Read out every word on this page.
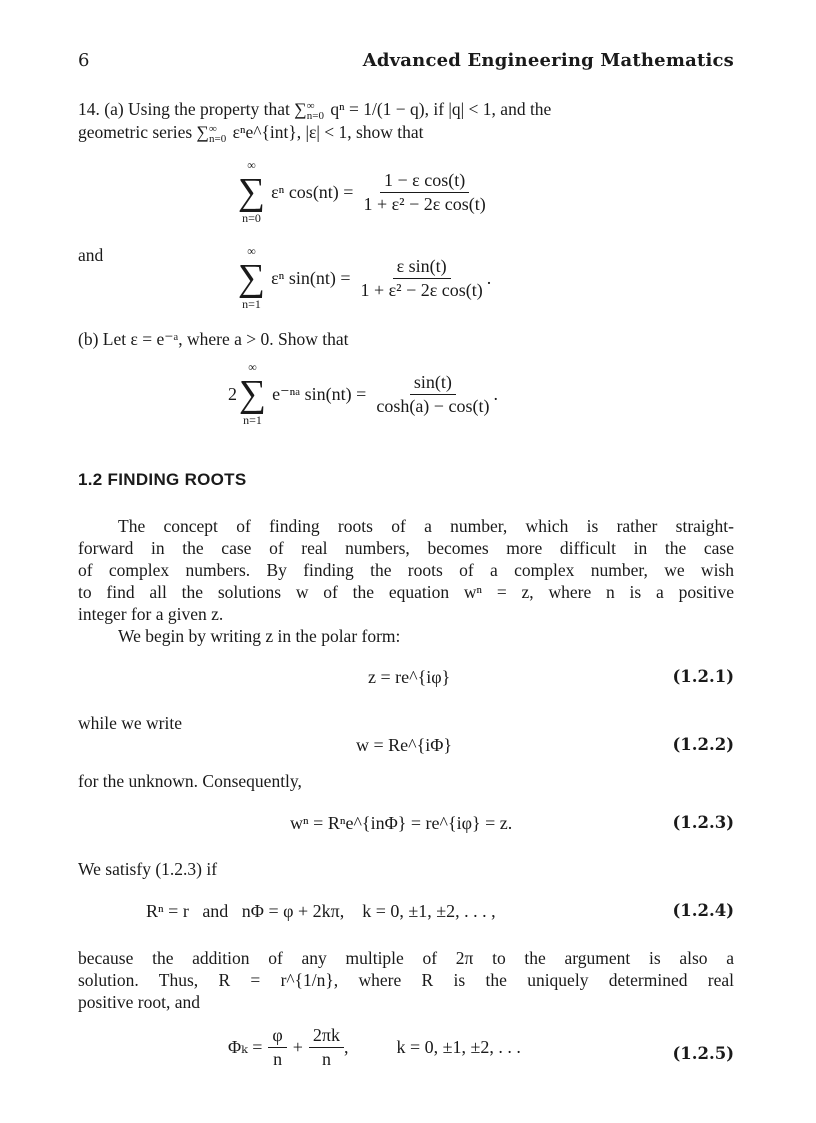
6	Advanced Engineering Mathematics
14. (a) Using the property that ∑ ∞
n=0 qⁿ = 1/(1 − q), if |q| < 1, and the
geometric series ∑ ∞
n=0 εⁿe^{int}, |ε| < 1, show that
∞
∑
n=0
εⁿ $\cos(nt) = \frac{\text{1 − ε cos(t)}}{\text{1 + ε² − 2ε cos(t)}}$
and	∞
∑
n=1
εⁿ $\sin(nt) = \frac{\text{ε sin(t)}}{\text{1 + ε² − 2ε cos(t)}}$ .
(b) Let ε = e⁻ᵃ, where a > 0. Show that
2
∞
∑
n=1
e⁻ⁿᵃ $\sin(nt) = \frac{\sin(t)}{\cosh(a) - \cos(t)}$ .
1.2 FINDING ROOTS
The concept of finding roots of a number, which is rather straight-
forward in the case of real numbers, becomes more difficult in the case
of complex numbers. By finding the roots of a complex number, we wish
to find all the solutions w of the equation wⁿ = z, where n is a positive
integer for a given z.
We begin by writing z in the polar form:
z = re^{iφ}	(1.2.1)
while we write
w = Re^{iΦ}	(1.2.2)
for the unknown. Consequently,
wⁿ = Rⁿe^{inΦ} = re^{iφ} = z.	(1.2.3)
We satisfy (1.2.3) if
Rⁿ = r   and   nΦ = φ + 2kπ,    k = 0, ±1, ±2, . . . ,	(1.2.4)
because the addition of any multiple of 2π to the argument is also a
solution. Thus, R = r^{1/n}, where R is the uniquely determined real
positive root, and
$\Phi_k = \frac{\varphi}{n} + \frac{2\pi k}{n}$ ,	k = 0, ±1, ±2, . . .	(1.2.5)
